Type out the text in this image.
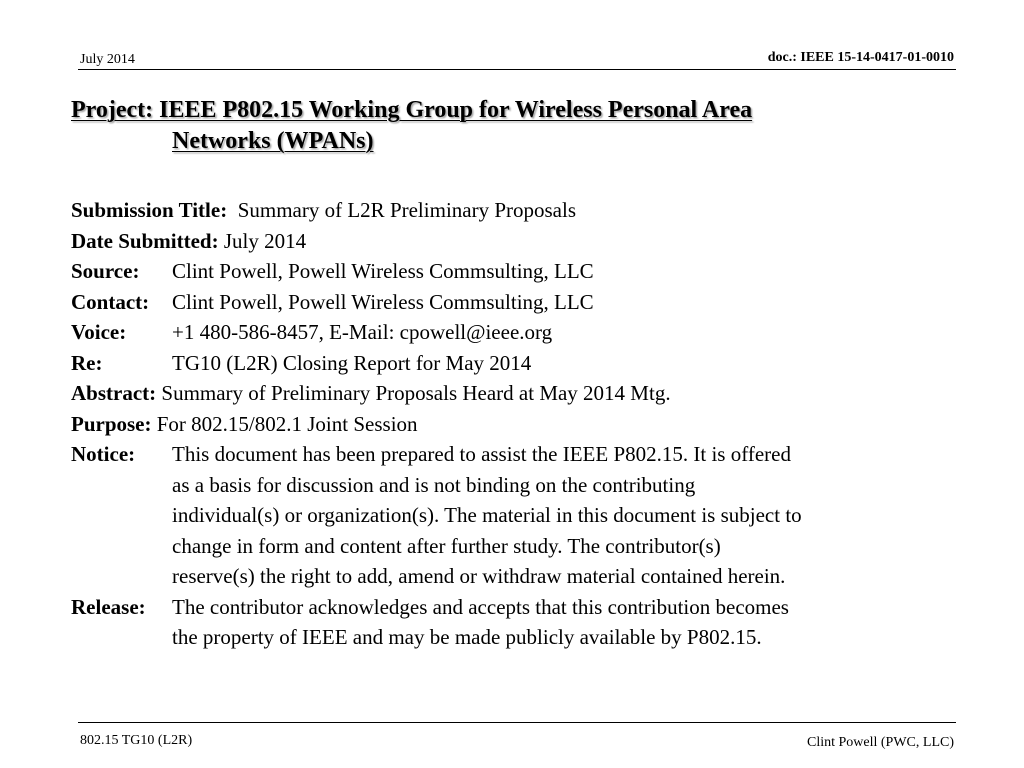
July 2014	doc.: IEEE 15-14-0417-01-0010
Project: IEEE P802.15 Working Group for Wireless Personal Area
Networks (WPANs)
Submission Title: Summary of L2R Preliminary Proposals
Date Submitted: July 2014
Source: Clint Powell, Powell Wireless Commsulting, LLC
Contact: Clint Powell, Powell Wireless Commsulting, LLC
Voice: +1 480-586-8457, E-Mail: cpowell@ieee.org
Re:	TG10 (L2R) Closing Report for May 2014
Abstract: Summary of Preliminary Proposals Heard at May 2014 Mtg.
Purpose: For 802.15/802.1 Joint Session
Notice: This document has been prepared to assist the IEEE P802.15. It is offered
as a basis for discussion and is not binding on the contributing
individual(s) or organization(s). The material in this document is subject to
change in form and content after further study. The contributor(s)
reserve(s) the right to add, amend or withdraw material contained herein.
Release: The contributor acknowledges and accepts that this contribution becomes
the property of IEEE and may be made publicly available by P802.15.
802.15 TG10 (L2R)	Clint Powell (PWC, LLC)
